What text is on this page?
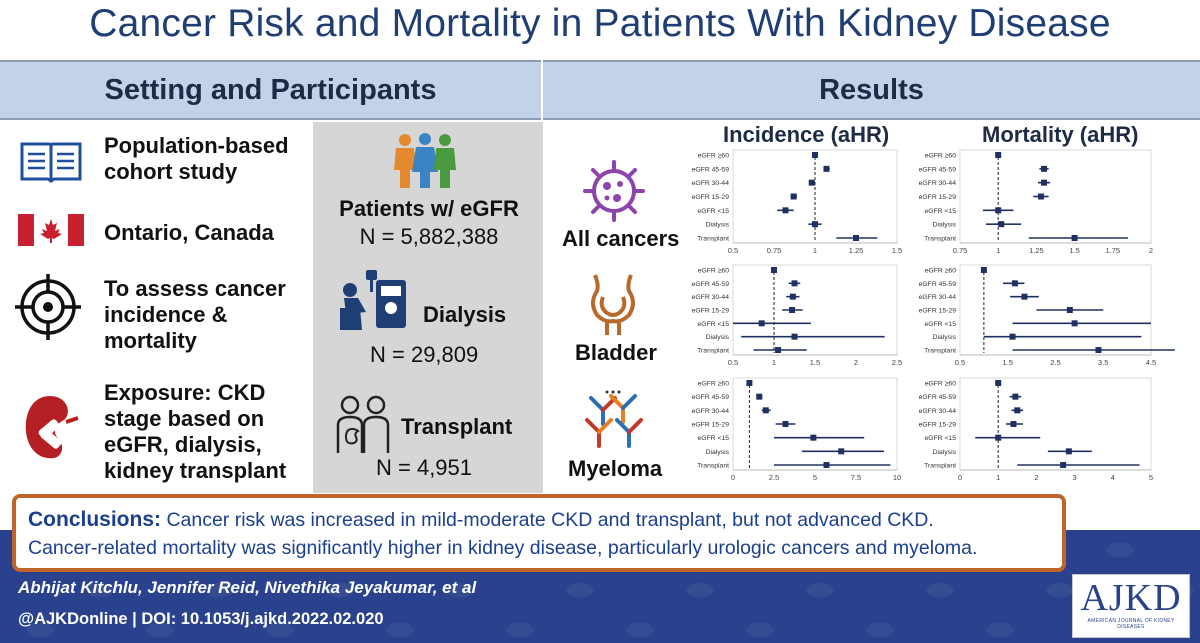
Cancer Risk and Mortality in Patients With Kidney Disease
Setting and Participants	Results
Population-based
cohort study
Ontario, Canada
To assess cancer
incidence &
mortality
Exposure: CKD
stage based on
eGFR, dialysis,
kidney transplant
Patients w/ eGFR
N = 5,882,388
Dialysis
N = 29,809
Transplant
N = 4,951
All cancers
Bladder
Myeloma
Incidence (aHR)	Mortality (aHR)
0.5	0.75	1	1.25	1.5
eGFR ≥60
eGFR 45-59
eGFR 30-44
eGFR 15-29
eGFR <15
Dialysis
Transplant
0.75	1	1.25	1.5	1.75	2
eGFR ≥60
eGFR 45-59
eGFR 30-44
eGFR 15-29
eGFR <15
Dialysis
Transplant
0.5	1	1.5	2	2.5
eGFR ≥60
eGFR 45-59
eGFR 30-44
eGFR 15-29
eGFR <15
Dialysis
Transplant
0.5	1.5	2.5	3.5	4.5
eGFR ≥60
eGFR 45-59
eGFR 30-44
eGFR 15-29
eGFR <15
Dialysis
Transplant
0	2.5	5	7.5	10
eGFR ≥60
eGFR 45-59
eGFR 30-44
eGFR 15-29
eGFR <15
Dialysis
Transplant
0	1	2	3	4	5
eGFR ≥60
eGFR 45-59
eGFR 30-44
eGFR 15-29
eGFR <15
Dialysis
Transplant
Conclusions: Cancer risk was increased in mild-moderate CKD and transplant, but not advanced CKD.
Cancer-related mortality was significantly higher in kidney disease, particularly urologic cancers and myeloma.
Abhijat Kitchlu, Jennifer Reid, Nivethika Jeyakumar, et al
@AJKDonline | DOI: 10.1053/j.ajkd.2022.02.020	AJKD
AMERICAN JOURNAL OF KIDNEY DISEASES
